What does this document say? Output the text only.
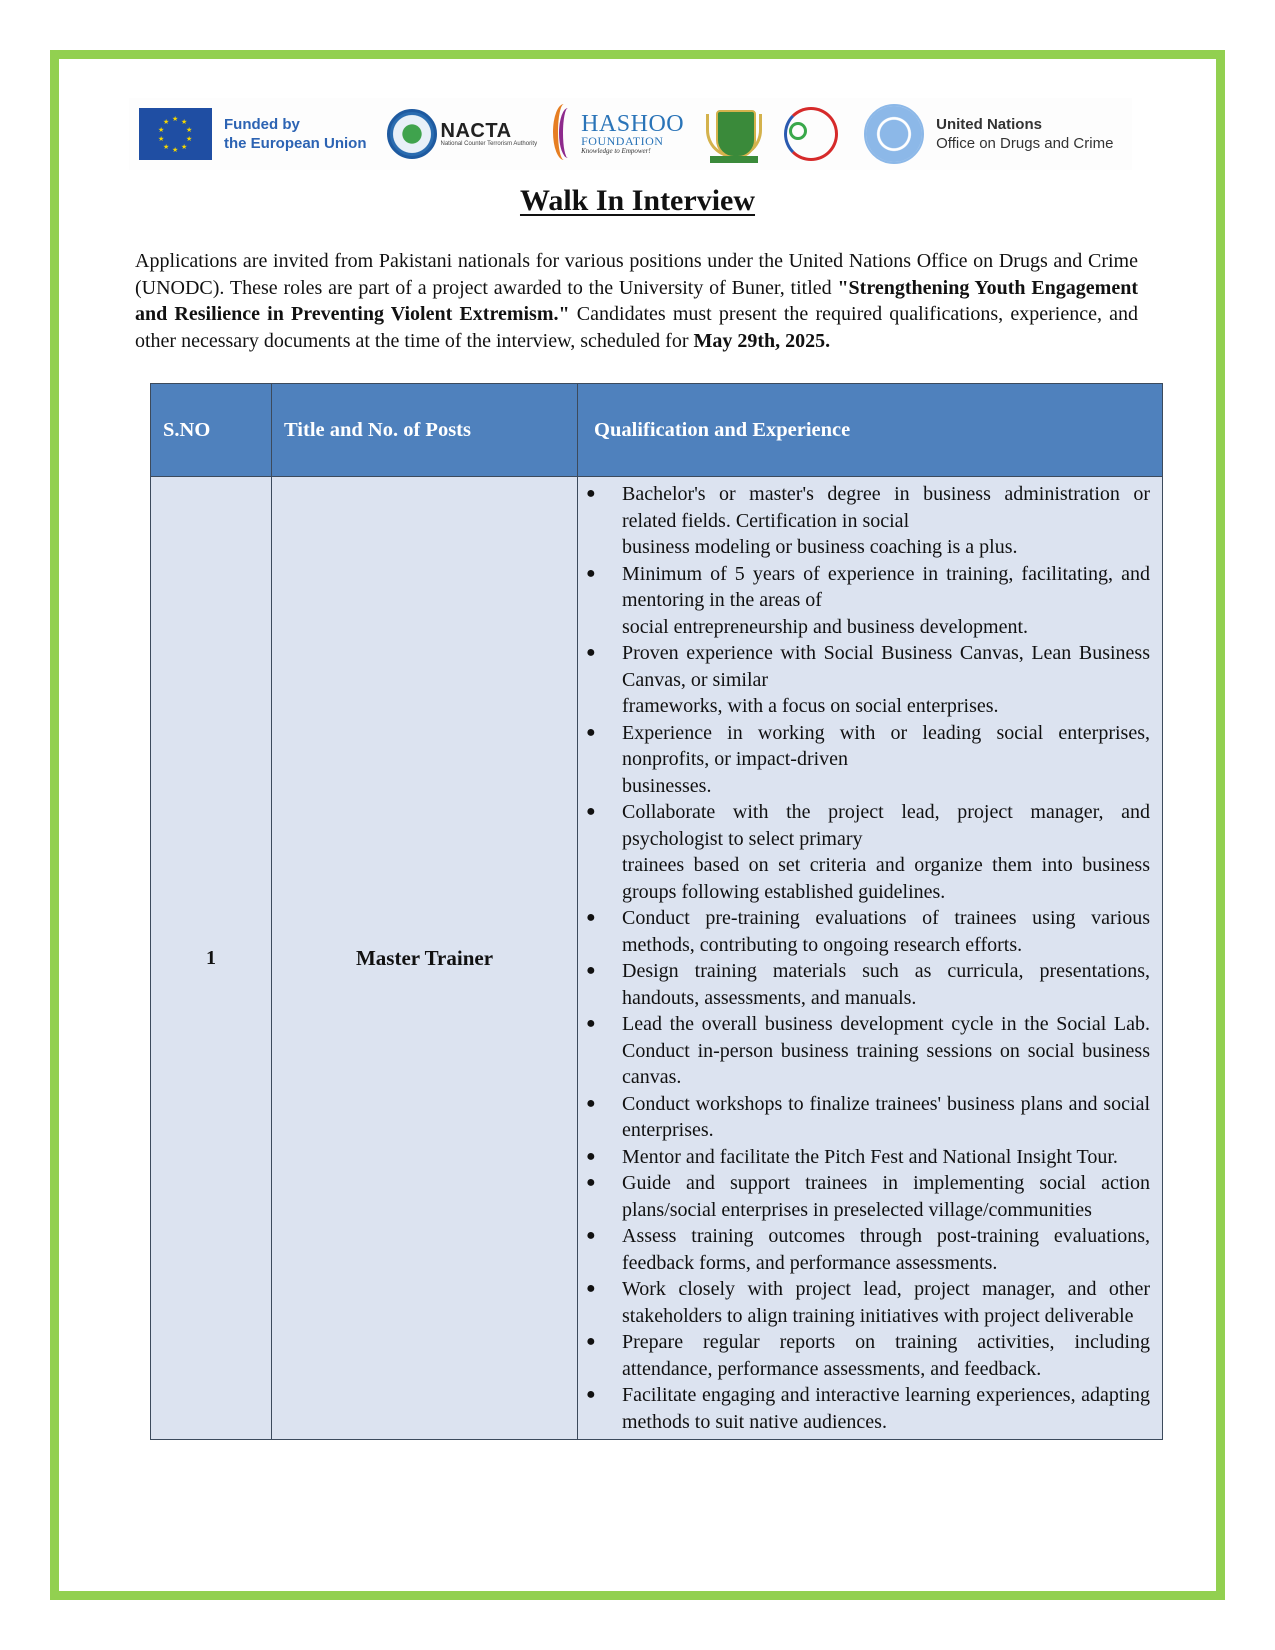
★ ★
★
★
★
★
★
★
★
★	Funded by
the European Union
NACTA
National Counter Terrorism Authority
HASHOO
FOUNDATION
Knowledge to Empower!
United Nations
Office on Drugs and Crime
Walk In Interview
Applications are invited from Pakistani nationals for various positions under the United Nations Office on Drugs and Crime (UNODC). These roles are part of a project awarded to the University of Buner, titled "Strengthening Youth Engagement and Resilience in Preventing Violent Extremism." Candidates must present the required qualifications, experience, and other necessary documents at the time of the interview, scheduled for May 29th, 2025.
S.NO	Title and No. of Posts	Qualification and Experience
1	Master Trainer	
● Bachelor's or master's degree in business administration or related fields. Certification in social
business modeling or business coaching is a plus.
● Minimum of 5 years of experience in training, facilitating, and mentoring in the areas of
social entrepreneurship and business development.
● Proven experience with Social Business Canvas, Lean Business Canvas, or similar
frameworks, with a focus on social enterprises.
● Experience in working with or leading social enterprises, nonprofits, or impact-driven
businesses.
● Collaborate with the project lead, project manager, and psychologist to select primary
trainees based on set criteria and organize them into business groups following established guidelines.
● Conduct pre-training evaluations of trainees using various methods, contributing to ongoing research efforts.
● Design training materials such as curricula, presentations, handouts, assessments, and manuals.
● Lead the overall business development cycle in the Social Lab. Conduct in-person business training sessions on social business canvas.
● Conduct workshops to finalize trainees' business plans and social enterprises.
● Mentor and facilitate the Pitch Fest and National Insight Tour.
● Guide and support trainees in implementing social action plans/social enterprises in preselected village/communities
● Assess training outcomes through post-training evaluations, feedback forms, and performance assessments.
● Work closely with project lead, project manager, and other stakeholders to align training initiatives with project deliverable
● Prepare regular reports on training activities, including attendance, performance assessments, and feedback.
● Facilitate engaging and interactive learning experiences, adapting methods to suit native audiences.
